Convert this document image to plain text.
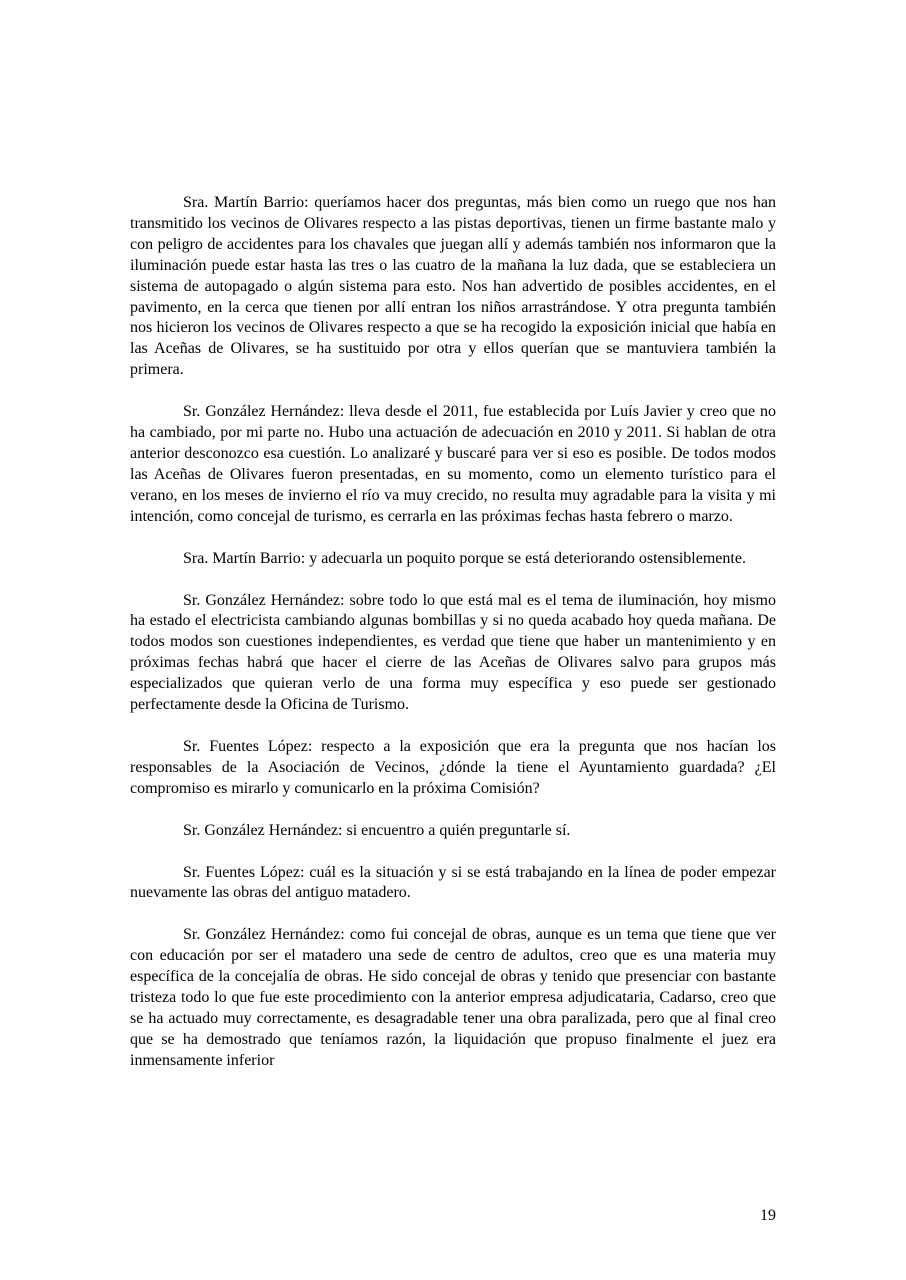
Sra. Martín Barrio: queríamos hacer dos preguntas, más bien como un ruego que nos han transmitido los vecinos de Olivares respecto a las pistas deportivas, tienen un firme bastante malo y con peligro de accidentes para los chavales que juegan allí y además también nos informaron que la iluminación puede estar hasta las tres o las cuatro de la mañana la luz dada, que se estableciera un sistema de autopagado o algún sistema para esto. Nos han advertido de posibles accidentes, en el pavimento, en la cerca que tienen por allí entran los niños arrastrándose. Y otra pregunta también nos hicieron los vecinos de Olivares respecto a que se ha recogido la exposición inicial que había en las Aceñas de Olivares, se ha sustituido por otra y ellos querían que se mantuviera también la primera.

Sr. González Hernández: lleva desde el 2011, fue establecida por Luís Javier y creo que no ha cambiado, por mi parte no. Hubo una actuación de adecuación en 2010 y 2011. Si hablan de otra anterior desconozco esa cuestión. Lo analizaré y buscaré para ver si eso es posible. De todos modos las Aceñas de Olivares fueron presentadas, en su momento, como un elemento turístico para el verano, en los meses de invierno el río va muy crecido, no resulta muy agradable para la visita y mi intención, como concejal de turismo, es cerrarla en las próximas fechas hasta febrero o marzo.

Sra. Martín Barrio: y adecuarla un poquito porque se está deteriorando ostensiblemente.

Sr. González Hernández: sobre todo lo que está mal es el tema de iluminación, hoy mismo ha estado el electricista cambiando algunas bombillas y si no queda acabado hoy queda mañana. De todos modos son cuestiones independientes, es verdad que tiene que haber un mantenimiento y en próximas fechas habrá que hacer el cierre de las Aceñas de Olivares salvo para grupos más especializados que quieran verlo de una forma muy específica y eso puede ser gestionado perfectamente desde la Oficina de Turismo.

Sr. Fuentes López: respecto a la exposición que era la pregunta que nos hacían los responsables de la Asociación de Vecinos, ¿dónde la tiene el Ayuntamiento guardada? ¿El compromiso es mirarlo y comunicarlo en la próxima Comisión?

Sr. González Hernández: si encuentro a quién preguntarle sí.

Sr. Fuentes López: cuál es la situación y si se está trabajando en la línea de poder empezar nuevamente las obras del antiguo matadero.

Sr. González Hernández: como fui concejal de obras, aunque es un tema que tiene que ver con educación por ser el matadero una sede de centro de adultos, creo que es una materia muy específica de la concejalía de obras. He sido concejal de obras y tenido que presenciar con bastante tristeza todo lo que fue este procedimiento con la anterior empresa adjudicataria, Cadarso, creo que se ha actuado muy correctamente, es desagradable tener una obra paralizada, pero que al final creo que se ha demostrado que teníamos razón, la liquidación que propuso finalmente el juez era inmensamente inferior

19
